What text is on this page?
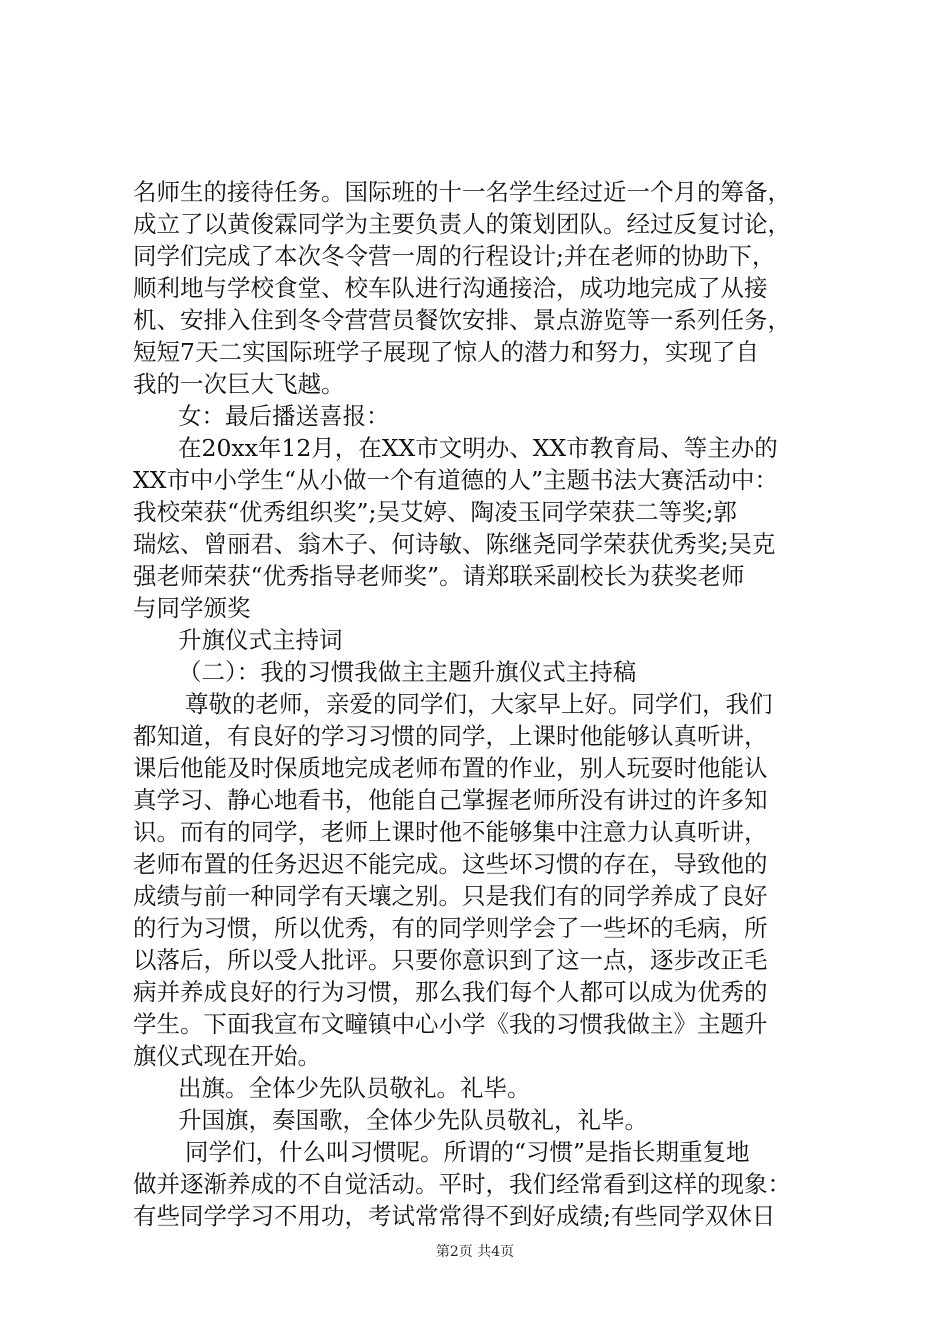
名师生的接待任务。国际班的十一名学生经过近一个月的筹备，
成立了以黄俊霖同学为主要负责人的策划团队。经过反复讨论，
同学们完成了本次冬令营一周的行程设计;并在老师的协助下，
顺利地与学校食堂、校车队进行沟通接洽，成功地完成了从接
机、安排入住到冬令营营员餐饮安排、景点游览等一系列任务，
短短7天二实国际班学子展现了惊人的潜力和努力，实现了自
我的一次巨大飞越。
女：最后播送喜报：
在20xx年12月，在XX市文明办、XX市教育局、等主办的
XX市中小学生“从小做一个有道德的人”主题书法大赛活动中：
我校荣获“优秀组织奖”;吴艾婷、陶凌玉同学荣获二等奖;郭
瑞炫、曾丽君、翁木子、何诗敏、陈继尧同学荣获优秀奖;吴克
强老师荣获“优秀指导老师奖”。请郑联采副校长为获奖老师
与同学颁奖
升旗仪式主持词
（二）：我的习惯我做主主题升旗仪式主持稿
尊敬的老师，亲爱的同学们，大家早上好。同学们，我们
都知道，有良好的学习习惯的同学，上课时他能够认真听讲，
课后他能及时保质地完成老师布置的作业，别人玩耍时他能认
真学习、静心地看书，他能自己掌握老师所没有讲过的许多知
识。而有的同学，老师上课时他不能够集中注意力认真听讲，
老师布置的任务迟迟不能完成。这些坏习惯的存在，导致他的
成绩与前一种同学有天壤之别。只是我们有的同学养成了良好
的行为习惯，所以优秀，有的同学则学会了一些坏的毛病，所
以落后，所以受人批评。只要你意识到了这一点，逐步改正毛
病并养成良好的行为习惯，那么我们每个人都可以成为优秀的
学生。下面我宣布文疃镇中心小学《我的习惯我做主》主题升
旗仪式现在开始。
出旗。全体少先队员敬礼。礼毕。
升国旗，奏国歌，全体少先队员敬礼，礼毕。
同学们，什么叫习惯呢。所谓的“习惯”是指长期重复地
做并逐渐养成的不自觉活动。平时，我们经常看到这样的现象：
有些同学学习不用功，考试常常得不到好成绩;有些同学双休日
第2页 共4页
